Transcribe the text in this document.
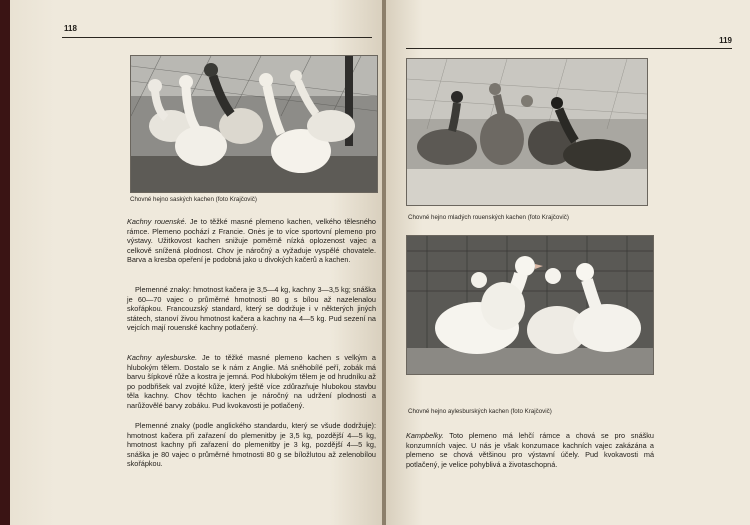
118

Chovné hejno saských kachen (foto Krajčovič)

Kachny rouenské. Je to těžké masné plemeno kachen, velkého tělesného rámce. Plemeno pochází z Francie. Onės je to více sportovní plemeno pro výstavy. Užitkovost kachen snižuje poměrně nízká oplozenost vajec a celkově snížená plodnost. Chov je náročný a vyžaduje vyspělé chovatele. Barva a kresba opeření je podobná jako u divokých kačerů a kachen.

Plemenné znaky: hmotnost kačera je 3,5—4 kg, kachny 3—3,5 kg; snáška je 60—70 vajec o průměrné hmotnosti 80 g s bílou až nazelenalou skořápkou. Francouzský standard, který se dodržuje i v některých jiných státech, stanoví živou hmotnost kačera a kachny na 4—5 kg. Pud sezení na vejcích mají rouenské kachny potlačený.

Kachny aylesburske. Je to těžké masné plemeno kachen s velkým a hlubokým tělem. Dostalo se k nám z Anglie. Má sněhobílé peří, zobák má barvu šípkové růže a kostra je jemná. Pod hlubokým tělem je od hrudníku až po podbřišek val zvojité kůže, který ještě více zdůrazňuje hlubokou stavbu těla kachny. Chov těchto kachen je náročný na udržení plodnosti a narůžovělé barvy zobáku. Pud kvokavosti je potlačený.

Plemenné znaky (podle anglického standardu, který se všude dodržuje): hmotnost kačera při zařazení do plemenitby je 3,5 kg, pozdější 4—5 kg, hmotnost kachny při zařazení do plemenitby je 3 kg, pozdější 4—5 kg, snáška je 80 vajec o průměrné hmotnosti 80 g se bíložlutou až zelenobílou skořápkou.

119
Chovné hejno mladých rouenských kachen (foto Krajčovič)
Chovné hejno aylesburských kachen (foto Krajčovič)

Kampbelky. Toto plemeno má lehčí rámce a chová se pro snášku konzumních vajec. U nás je však konzumace kachních vajec zakázána a plemeno se chová většinou pro výstavní účely. Pud kvokavosti má potlačený, je velice pohyblivá a životaschopná.
